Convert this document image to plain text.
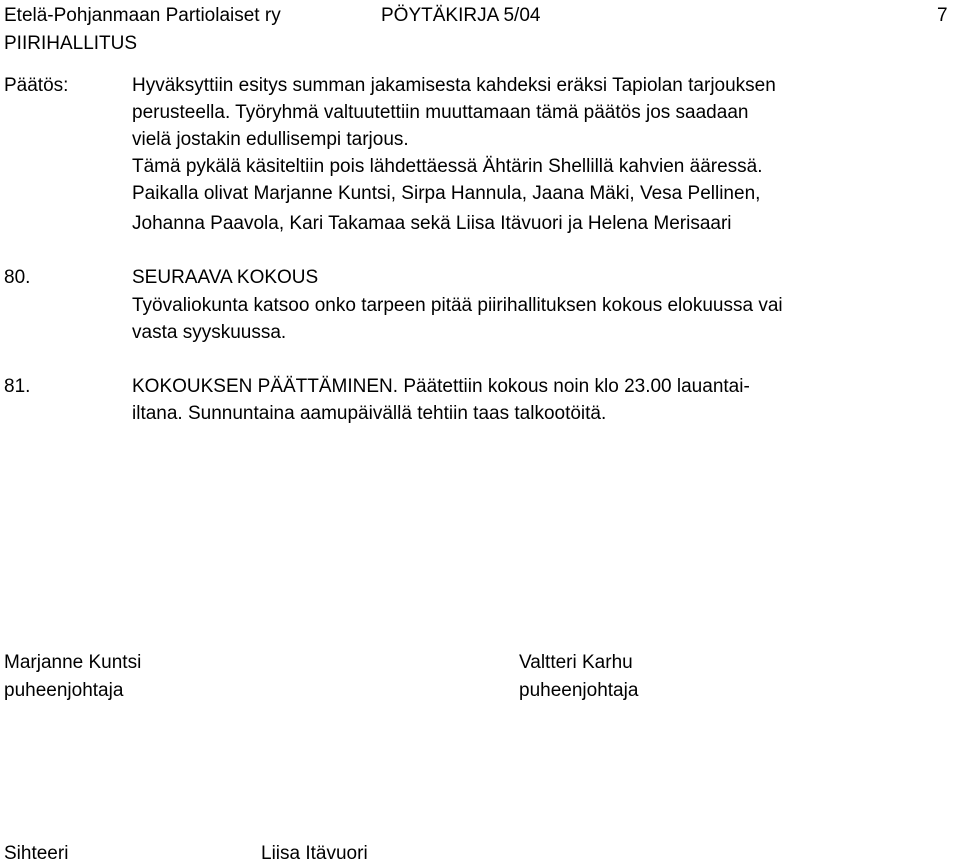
Etelä-Pohjanmaan Partiolaiset ry	PÖYTÄKIRJA 5/04	7
PIIRIHALLITUS
Päätös:	Hyväksyttiin esitys summan jakamisesta kahdeksi eräksi Tapiolan tarjouksen
perusteella. Työryhmä valtuutettiin muuttamaan tämä päätös jos saadaan
vielä jostakin edullisempi tarjous.
Tämä pykälä käsiteltiin pois lähdettäessä Ähtärin Shellillä kahvien ääressä.
Paikalla olivat Marjanne Kuntsi, Sirpa Hannula, Jaana Mäki, Vesa Pellinen,
Johanna Paavola, Kari Takamaa sekä Liisa Itävuori ja Helena Merisaari
80.	SEURAAVA KOKOUS
Työvaliokunta katsoo onko tarpeen pitää piirihallituksen kokous elokuussa vai
vasta syyskuussa.
81.	KOKOUKSEN PÄÄTTÄMINEN. Päätettiin kokous noin klo 23.00 lauantai-
iltana. Sunnuntaina aamupäivällä tehtiin taas talkootöitä.
Marjanne Kuntsi
puheenjohtaja
Valtteri Karhu
puheenjohtaja
Sihteeri	Liisa Itävuori
